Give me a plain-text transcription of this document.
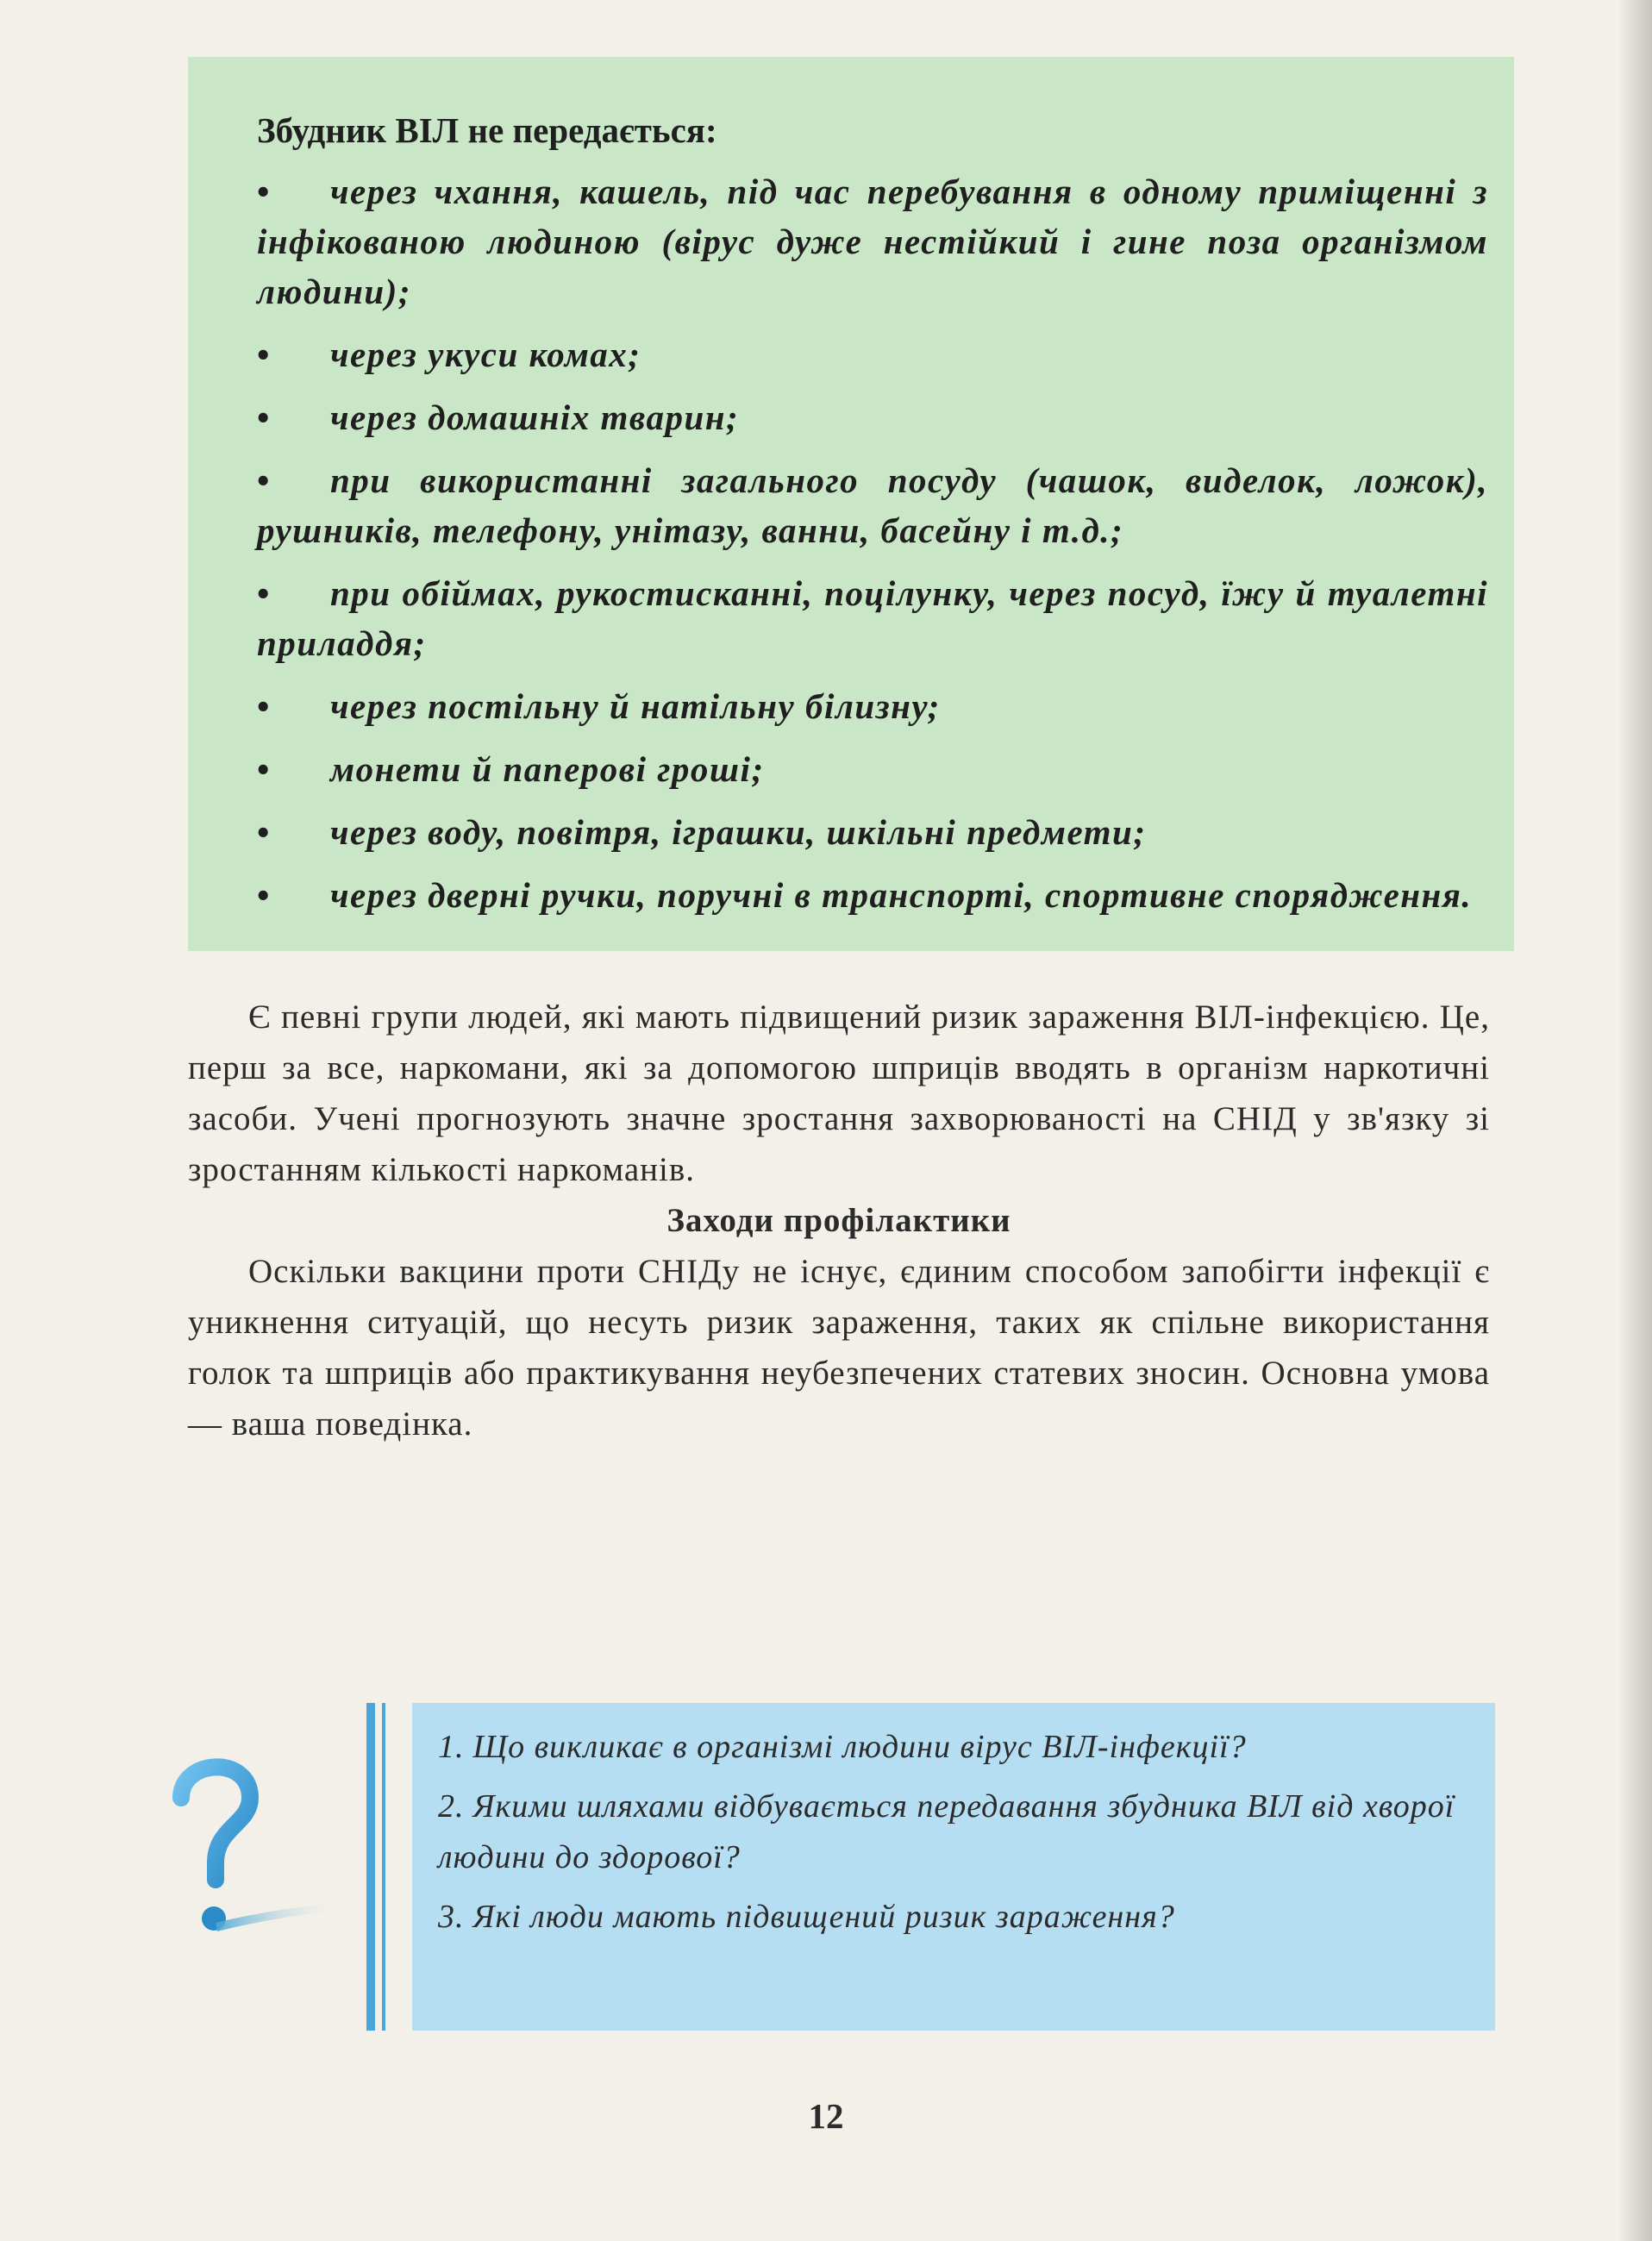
Збудник ВІЛ не передається:

• через чхання, кашель, під час перебування в одному приміщенні з інфікованою людиною (вірус дуже нестійкий і гине поза організмом людини);
• через укуси комах;
• через домашніх тварин;
• при використанні загального посуду (чашок, виделок, ложок), рушників, телефону, унітазу, ванни, басейну і т.д.;
• при обіймах, рукостисканні, поцілунку, через посуд, їжу й туалетні приладдя;
• через постільну й натільну білизну;
• монети й паперові гроші;
• через воду, повітря, іграшки, шкільні предмети;
• через дверні ручки, поручні в транспорті, спортивне спорядження.

Є певні групи людей, які мають підвищений ризик зараження ВІЛ-інфекцією. Це, перш за все, наркомани, які за допомогою шприців вводять в організм наркотичні засоби. Учені прогнозують значне зростання захворюваності на СНІД у зв'язку зі зростанням кількості наркоманів.

Заходи профілактики

Оскільки вакцини проти СНІДу не існує, єдиним способом запобігти інфекції є уникнення ситуацій, що несуть ризик зараження, таких як спільне використання голок та шприців або практикування неубезпечених статевих зносин. Основна умова — ваша поведінка.

1. Що викликає в організмі людини вірус ВІЛ-інфекції?
2. Якими шляхами відбувається передавання збудника ВІЛ від хворої людини до здорової?
3. Які люди мають підвищений ризик зараження?
12
